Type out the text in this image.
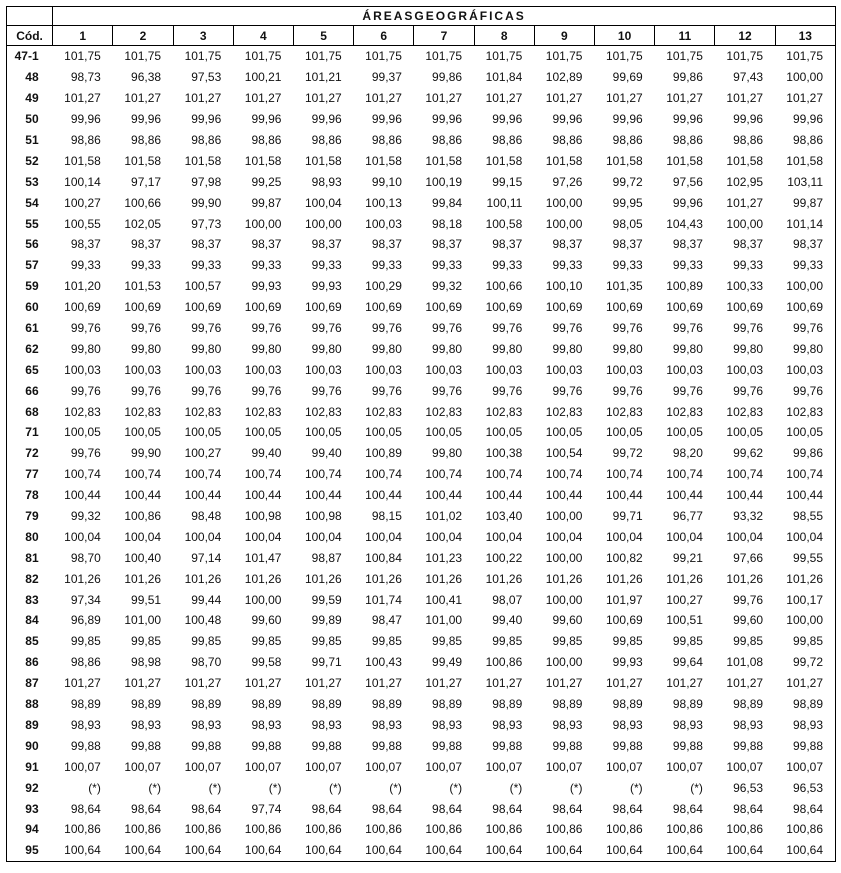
	ÁREASGEOGRÁFICAS												
Cód.	1	2	3	4	5	6	7	8	9	10	11	12	13
47-1	101,75	101,75	101,75	101,75	101,75	101,75	101,75	101,75	101,75	101,75	101,75	101,75	101,75
48	98,73	96,38	97,53	100,21	101,21	99,37	99,86	101,84	102,89	99,69	99,86	97,43	100,00
49	101,27	101,27	101,27	101,27	101,27	101,27	101,27	101,27	101,27	101,27	101,27	101,27	101,27
50	99,96	99,96	99,96	99,96	99,96	99,96	99,96	99,96	99,96	99,96	99,96	99,96	99,96
51	98,86	98,86	98,86	98,86	98,86	98,86	98,86	98,86	98,86	98,86	98,86	98,86	98,86
52	101,58	101,58	101,58	101,58	101,58	101,58	101,58	101,58	101,58	101,58	101,58	101,58	101,58
53	100,14	97,17	97,98	99,25	98,93	99,10	100,19	99,15	97,26	99,72	97,56	102,95	103,11
54	100,27	100,66	99,90	99,87	100,04	100,13	99,84	100,11	100,00	99,95	99,96	101,27	99,87
55	100,55	102,05	97,73	100,00	100,00	100,03	98,18	100,58	100,00	98,05	104,43	100,00	101,14
56	98,37	98,37	98,37	98,37	98,37	98,37	98,37	98,37	98,37	98,37	98,37	98,37	98,37
57	99,33	99,33	99,33	99,33	99,33	99,33	99,33	99,33	99,33	99,33	99,33	99,33	99,33
59	101,20	101,53	100,57	99,93	99,93	100,29	99,32	100,66	100,10	101,35	100,89	100,33	100,00
60	100,69	100,69	100,69	100,69	100,69	100,69	100,69	100,69	100,69	100,69	100,69	100,69	100,69
61	99,76	99,76	99,76	99,76	99,76	99,76	99,76	99,76	99,76	99,76	99,76	99,76	99,76
62	99,80	99,80	99,80	99,80	99,80	99,80	99,80	99,80	99,80	99,80	99,80	99,80	99,80
65	100,03	100,03	100,03	100,03	100,03	100,03	100,03	100,03	100,03	100,03	100,03	100,03	100,03
66	99,76	99,76	99,76	99,76	99,76	99,76	99,76	99,76	99,76	99,76	99,76	99,76	99,76
68	102,83	102,83	102,83	102,83	102,83	102,83	102,83	102,83	102,83	102,83	102,83	102,83	102,83
71	100,05	100,05	100,05	100,05	100,05	100,05	100,05	100,05	100,05	100,05	100,05	100,05	100,05
72	99,76	99,90	100,27	99,40	99,40	100,89	99,80	100,38	100,54	99,72	98,20	99,62	99,86
77	100,74	100,74	100,74	100,74	100,74	100,74	100,74	100,74	100,74	100,74	100,74	100,74	100,74
78	100,44	100,44	100,44	100,44	100,44	100,44	100,44	100,44	100,44	100,44	100,44	100,44	100,44
79	99,32	100,86	98,48	100,98	100,98	98,15	101,02	103,40	100,00	99,71	96,77	93,32	98,55
80	100,04	100,04	100,04	100,04	100,04	100,04	100,04	100,04	100,04	100,04	100,04	100,04	100,04
81	98,70	100,40	97,14	101,47	98,87	100,84	101,23	100,22	100,00	100,82	99,21	97,66	99,55
82	101,26	101,26	101,26	101,26	101,26	101,26	101,26	101,26	101,26	101,26	101,26	101,26	101,26
83	97,34	99,51	99,44	100,00	99,59	101,74	100,41	98,07	100,00	101,97	100,27	99,76	100,17
84	96,89	101,00	100,48	99,60	99,89	98,47	101,00	99,40	99,60	100,69	100,51	99,60	100,00
85	99,85	99,85	99,85	99,85	99,85	99,85	99,85	99,85	99,85	99,85	99,85	99,85	99,85
86	98,86	98,98	98,70	99,58	99,71	100,43	99,49	100,86	100,00	99,93	99,64	101,08	99,72
87	101,27	101,27	101,27	101,27	101,27	101,27	101,27	101,27	101,27	101,27	101,27	101,27	101,27
88	98,89	98,89	98,89	98,89	98,89	98,89	98,89	98,89	98,89	98,89	98,89	98,89	98,89
89	98,93	98,93	98,93	98,93	98,93	98,93	98,93	98,93	98,93	98,93	98,93	98,93	98,93
90	99,88	99,88	99,88	99,88	99,88	99,88	99,88	99,88	99,88	99,88	99,88	99,88	99,88
91	100,07	100,07	100,07	100,07	100,07	100,07	100,07	100,07	100,07	100,07	100,07	100,07	100,07
92	(*)	(*)	(*)	(*)	(*)	(*)	(*)	(*)	(*)	(*)	(*)	96,53	96,53
93	98,64	98,64	98,64	97,74	98,64	98,64	98,64	98,64	98,64	98,64	98,64	98,64	98,64
94	100,86	100,86	100,86	100,86	100,86	100,86	100,86	100,86	100,86	100,86	100,86	100,86	100,86
95	100,64	100,64	100,64	100,64	100,64	100,64	100,64	100,64	100,64	100,64	100,64	100,64	100,64
